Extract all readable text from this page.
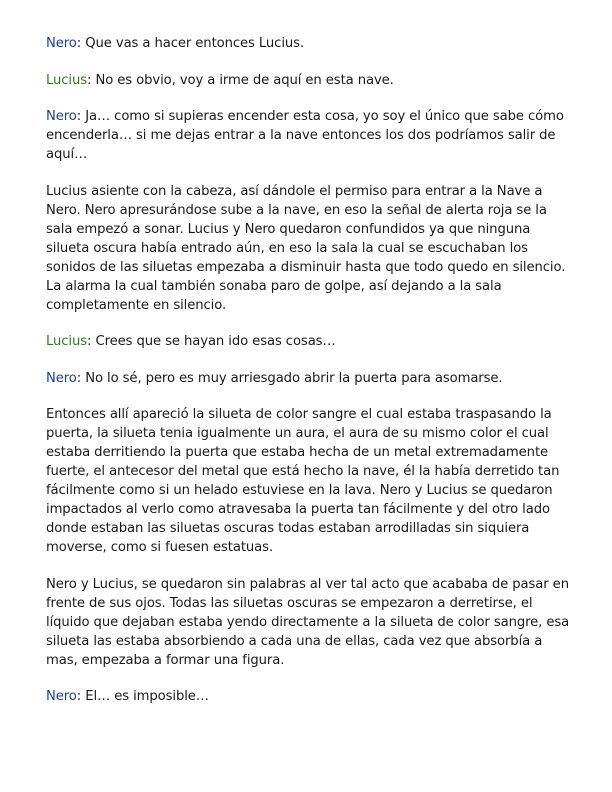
Nero: Que vas a hacer entonces Lucius.

Lucius: No es obvio, voy a irme de aquí en esta nave.

Nero: Ja… como si supieras encender esta cosa, yo soy el único que sabe cómo encenderla… si me dejas entrar a la nave entonces los dos podríamos salir de aquí…

Lucius asiente con la cabeza, así dándole el permiso para entrar a la Nave a Nero. Nero apresurándose sube a la nave, en eso la señal de alerta roja se la sala empezó a sonar. Lucius y Nero quedaron confundidos ya que ninguna silueta oscura había entrado aún, en eso la sala la cual se escuchaban los sonidos de las siluetas empezaba a disminuir hasta que todo quedo en silencio. La alarma la cual también sonaba paro de golpe, así dejando a la sala completamente en silencio.

Lucius: Crees que se hayan ido esas cosas…

Nero: No lo sé, pero es muy arriesgado abrir la puerta para asomarse.

Entonces allí apareció la silueta de color sangre el cual estaba traspasando la puerta, la silueta tenia igualmente un aura, el aura de su mismo color el cual estaba derritiendo la puerta que estaba hecha de un metal extremadamente fuerte, el antecesor del metal que está hecho la nave, él la había derretido tan fácilmente como si un helado estuviese en la lava. Nero y Lucius se quedaron impactados al verlo como atravesaba la puerta tan fácilmente y del otro lado donde estaban las siluetas oscuras todas estaban arrodilladas sin siquiera moverse, como si fuesen estatuas.

Nero y Lucius, se quedaron sin palabras al ver tal acto que acababa de pasar en frente de sus ojos. Todas las siluetas oscuras se empezaron a derretirse, el líquido que dejaban estaba yendo directamente a la silueta de color sangre, esa silueta las estaba absorbiendo a cada una de ellas, cada vez que absorbía a mas, empezaba a formar una figura.

Nero: El… es imposible…
